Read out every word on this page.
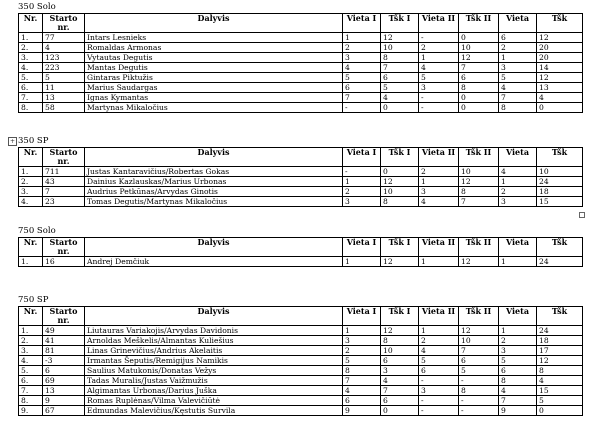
350 Solo
Nr.	Starto nr.	Dalyvis	Vieta I	Tšk I	Vieta II	Tšk II	Vieta	Tšk
1.	77	Intars Lesnieks	1	12	-	0	6	12
2.	4	Romaldas Armonas	2	10	2	10	2	20
3.	123	Vytautas Degutis	3	8	1	12	1	20
4.	223	Mantas Degutis	4	7	4	7	3	14
5.	5	Gintaras Piktužis	5	6	5	6	5	12
6.	11	Marius Saudargas	6	5	3	8	4	13
7.	13	Ignas Kymantas	7	4	-	0	7	4
8.	58	Martynas Mikaločius	-	0	-	0	8	0
350 SP
Nr.	Starto nr.	Dalyvis	Vieta I	Tšk I	Vieta II	Tšk II	Vieta	Tšk
1.	711	Justas Kantaravičius/Robertas Gokas	-	0	2	10	4	10
2.	43	Dainius Kazlauskas/Marius Urbonas	1	12	1	12	1	24
3.	7	Audrius Petkūnas/Arvydas Ginotis	2	10	3	8	2	18
4.	23	Tomas Degutis/Martynas Mikaločius	3	8	4	7	3	15
750 Solo
Nr.	Starto nr.	Dalyvis	Vieta I	Tšk I	Vieta II	Tšk II	Vieta	Tšk
1.	16	Andrej Demčiuk	1	12	1	12	1	24
750 SP
Nr.	Starto nr.	Dalyvis	Vieta I	Tšk I	Vieta II	Tšk II	Vieta	Tšk
1.	49	Liutauras Variakojis/Arvydas Davidonis	1	12	1	12	1	24
2.	41	Arnoldas Meškelis/Almantas Kuliešius	3	8	2	10	2	18
3.	81	Linas Grinevičius/Andrius Akelaitis	2	10	4	7	3	17
4.	-3	Irmantas Šeputis/Remigijus Namikis	5	6	5	6	5	12
5.	6	Saulius Matukonis/Donatas Vežys	8	3	6	5	6	8
6.	69	Tadas Muralis/Justas Vaižmužis	7	4	-	-	8	4
7.	13	Algimantas Urbonas/Darius Juška	4	7	3	8	4	15
8.	9	Romas Ruplėnas/Vilma Valevičiūtė	6	6	-	-	7	5
9.	67	Edmundas Malevičius/Kęstutis Survila	9	0	-	-	9	0
+
